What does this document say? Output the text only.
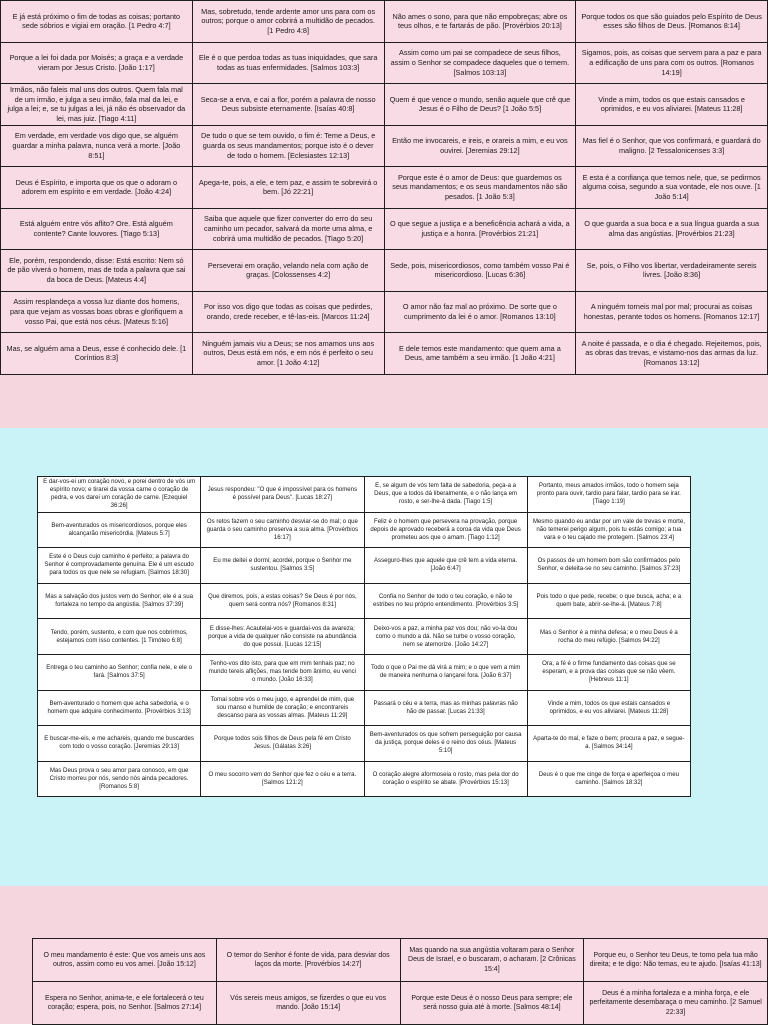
E já está próximo o fim de todas as coisas; portanto sede sóbrios e vigiai em oração. [1 Pedro 4:7]	Mas, sobretudo, tende ardente amor uns para com os outros; porque o amor cobrirá a multidão de pecados. [1 Pedro 4:8]	Não ames o sono, para que não empobreças; abre os teus olhos, e te fartarás de pão. [Provérbios 20:13]	Porque todos os que são guiados pelo Espírito de Deus esses são filhos de Deus. [Romanos 8:14]

Porque a lei foi dada por Moisés; a graça e a verdade vieram por Jesus Cristo. [João 1:17]	Ele é o que perdoa todas as tuas iniquidades, que sara todas as tuas enfermidades. [Salmos 103:3]	Assim como um pai se compadece de seus filhos, assim o Senhor se compadece daqueles que o temem. [Salmos 103:13]	Sigamos, pois, as coisas que servem para a paz e para a edificação de uns para com os outros. [Romanos 14:19]

Irmãos, não faleis mal uns dos outros. Quem fala mal de um irmão, e julga a seu irmão, fala mal da lei, e julga a lei; e, se tu julgas a lei, já não és observador da lei, mas juiz. [Tiago 4:11]	Seca-se a erva, e cai a flor, porém a palavra de nosso Deus subsiste eternamente. [Isaías 40:8]	Quem é que vence o mundo, senão aquele que crê que Jesus é o Filho de Deus? [1 João 5:5]	Vinde a mim, todos os que estais cansados e oprimidos, e eu vos aliviarei. [Mateus 11:28]

Em verdade, em verdade vos digo que, se alguém guardar a minha palavra, nunca verá a morte. [João 8:51]	De tudo o que se tem ouvido, o fim é: Teme a Deus, e guarda os seus mandamentos; porque isto é o dever de todo o homem. [Eclesiastes 12:13]	Então me invocareis, e ireis, e orareis a mim, e eu vos ouvirei. [Jeremias 29:12]	Mas fiel é o Senhor, que vos confirmará, e guardará do maligno. [2 Tessalonicenses 3:3]

Deus é Espírito, e importa que os que o adoram o adorem em espírito e em verdade. [João 4:24]	Apega-te, pois, a ele, e tem paz, e assim te sobrevirá o bem. [Jó 22:21]	Porque este é o amor de Deus: que guardemos os seus mandamentos; e os seus mandamentos não são pesados. [1 João 5:3]	E esta é a confiança que temos nele, que, se pedirmos alguma coisa, segundo a sua vontade, ele nos ouve. [1 João 5:14]

Está alguém entre vós aflito? Ore. Está alguém contente? Cante louvores. [Tiago 5:13]	Saiba que aquele que fizer converter do erro do seu caminho um pecador, salvará da morte uma alma, e cobrirá uma multidão de pecados. [Tiago 5:20]	O que segue a justiça e a beneficência achará a vida, a justiça e a honra. [Provérbios 21:21]	O que guarda a sua boca e a sua língua guarda a sua alma das angústias. [Provérbios 21:23]

Ele, porém, respondendo, disse: Está escrito: Nem só de pão viverá o homem, mas de toda a palavra que sai da boca de Deus. [Mateus 4:4]	Perseverai em oração, velando nela com ação de graças. [Colossenses 4:2]	Sede, pois, misericordiosos, como também vosso Pai é misericordioso. [Lucas 6:36]	Se, pois, o Filho vos libertar, verdadeiramente sereis livres. [João 8:36]

Assim resplandeça a vossa luz diante dos homens, para que vejam as vossas boas obras e glorifiquem a vosso Pai, que está nos céus. [Mateus 5:16]	Por isso vos digo que todas as coisas que pedirdes, orando, crede receber, e tê-las-eis. [Marcos 11:24]	O amor não faz mal ao próximo. De sorte que o cumprimento da lei é o amor. [Romanos 13:10]	A ninguém torneis mal por mal; procurai as coisas honestas, perante todos os homens. [Romanos 12:17]

Mas, se alguém ama a Deus, esse é conhecido dele. [1 Coríntios 8:3]	Ninguém jamais viu a Deus; se nos amamos uns aos outros, Deus está em nós, e em nós é perfeito o seu amor. [1 João 4:12]	E dele temos este mandamento: que quem ama a Deus, ame também a seu irmão. [1 João 4:21]	A noite é passada, e o dia é chegado. Rejeitemos, pois, as obras das trevas, e vistamo-nos das armas da luz. [Romanos 13:12]
E dar-vos-ei um coração novo, e porei dentro de vós um espírito novo; e tirarei da vossa carne o coração de pedra, e vos darei um coração de carne. [Ezequiel 36:26]	Jesus respondeu: "O que é impossível para os homens é possível para Deus". [Lucas 18:27]	E, se algum de vós tem falta de sabedoria, peça-a a Deus, que a todos dá liberalmente, e o não lança em rosto, e ser-lhe-á dada. [Tiago 1:5]	Portanto, meus amados irmãos, todo o homem seja pronto para ouvir, tardio para falar, tardio para se irar. [Tiago 1:19]

Bem-aventurados os misericordiosos, porque eles alcançarão misericórdia. [Mateus 5:7]	Os retos fazem o seu caminho desviar-se do mal; o que guarda o seu caminho preserva a sua alma. [Provérbios 16:17]	Feliz é o homem que persevera na provação, porque depois de aprovado receberá a coroa da vida que Deus prometeu aos que o amam. [Tiago 1:12]	Mesmo quando eu andar por um vale de trevas e morte, não temerei perigo algum, pois tu estás comigo; a tua vara e o teu cajado me protegem. [Salmos 23:4]

Este é o Deus cujo caminho é perfeito; a palavra do Senhor é comprovadamente genuína. Ele é um escudo para todos os que nele se refugiam. [Salmos 18:30]	Eu me deitei e dormi; acordei, porque o Senhor me sustentou. [Salmos 3:5]	Asseguro-lhes que aquele que crê tem a vida eterna. [João 6:47]	Os passos de um homem bom são confirmados pelo Senhor, e deleita-se no seu caminho. [Salmos 37:23]

Mas a salvação dos justos vem do Senhor; ele é a sua fortaleza no tempo da angústia. [Salmos 37:39]	Que diremos, pois, a estas coisas? Se Deus é por nós, quem será contra nós? [Romanos 8:31]	Confia no Senhor de todo o teu coração, e não te estribes no teu próprio entendimento. [Provérbios 3:5]	Pois todo o que pede, recebe; o que busca, acha; e a quem bate, abrir-se-lhe-á. [Mateus 7:8]

Tendo, porém, sustento, e com que nos cobrirmos, estejamos com isso contentes. [1 Timóteo 6:8]	E disse-lhes: Acautelai-vos e guardai-vos da avareza; porque a vida de qualquer não consiste na abundância do que possui. [Lucas 12:15]	Deixo-vos a paz, a minha paz vos dou; não vo-la dou como o mundo a dá. Não se turbe o vosso coração, nem se atemorize. [João 14:27]	Mas o Senhor é a minha defesa; e o meu Deus é a rocha do meu refúgio. [Salmos 94:22]

Entrega o teu caminho ao Senhor; confia nele, e ele o fará. [Salmos 37:5]	Tenho-vos dito isto, para que em mim tenhais paz; no mundo tereis aflições, mas tende bom ânimo, eu venci o mundo. [João 16:33]	Todo o que o Pai me dá virá a mim; e o que vem a mim de maneira nenhuma o lançarei fora. [João 6:37]	Ora, a fé é o firme fundamento das coisas que se esperam, e a prova das coisas que se não vêem. [Hebreus 11:1]

Bem-aventurado o homem que acha sabedoria, e o homem que adquire conhecimento. [Provérbios 3:13]	Tomai sobre vós o meu jugo, e aprendei de mim, que sou manso e humilde de coração; e encontrareis descanso para as vossas almas. [Mateus 11:29]	Passará o céu e a terra, mas as minhas palavras não hão de passar. [Lucas 21:33]	Vinde a mim, todos os que estais cansados e oprimidos, e eu vos aliviarei. [Mateus 11:28]

E buscar-me-eis, e me achareis, quando me buscardes com todo o vosso coração. [Jeremias 29:13]	Porque todos sois filhos de Deus pela fé em Cristo Jesus. [Gálatas 3:26]	Bem-aventurados os que sofrem perseguição por causa da justiça, porque deles é o reino dos céus. [Mateus 5:10]	Aparta-te do mal, e faze o bem; procura a paz, e segue-a. [Salmos 34:14]

Mas Deus prova o seu amor para conosco, em que Cristo morreu por nós, sendo nós ainda pecadores. [Romanos 5:8]	O meu socorro vem do Senhor que fez o céu e a terra. [Salmos 121:2]	O coração alegre aformoseia o rosto, mas pela dor do coração o espírito se abate. [Provérbios 15:13]	Deus é o que me cinge de força e aperfeiçoa o meu caminho. [Salmos 18:32]
O meu mandamento é este: Que vos ameis uns aos outros, assim como eu vos amei. [João 15:12]	O temor do Senhor é fonte de vida, para desviar dos laços da morte. [Provérbios 14:27]	Mas quando na sua angústia voltaram para o Senhor Deus de Israel, e o buscaram, o acharam. [2 Crônicas 15:4]	Porque eu, o Senhor teu Deus, te tomo pela tua mão direita; e te digo: Não temas, eu te ajudo. [Isaías 41:13]

Espera no Senhor, anima-te, e ele fortalecerá o teu coração; espera, pois, no Senhor. [Salmos 27:14]	Vós sereis meus amigos, se fizerdes o que eu vos mando. [João 15:14]	Porque este Deus é o nosso Deus para sempre; ele será nosso guia até à morte. [Salmos 48:14]	Deus é a minha fortaleza e a minha força, e ele perfeitamente desembaraça o meu caminho. [2 Samuel 22:33]
